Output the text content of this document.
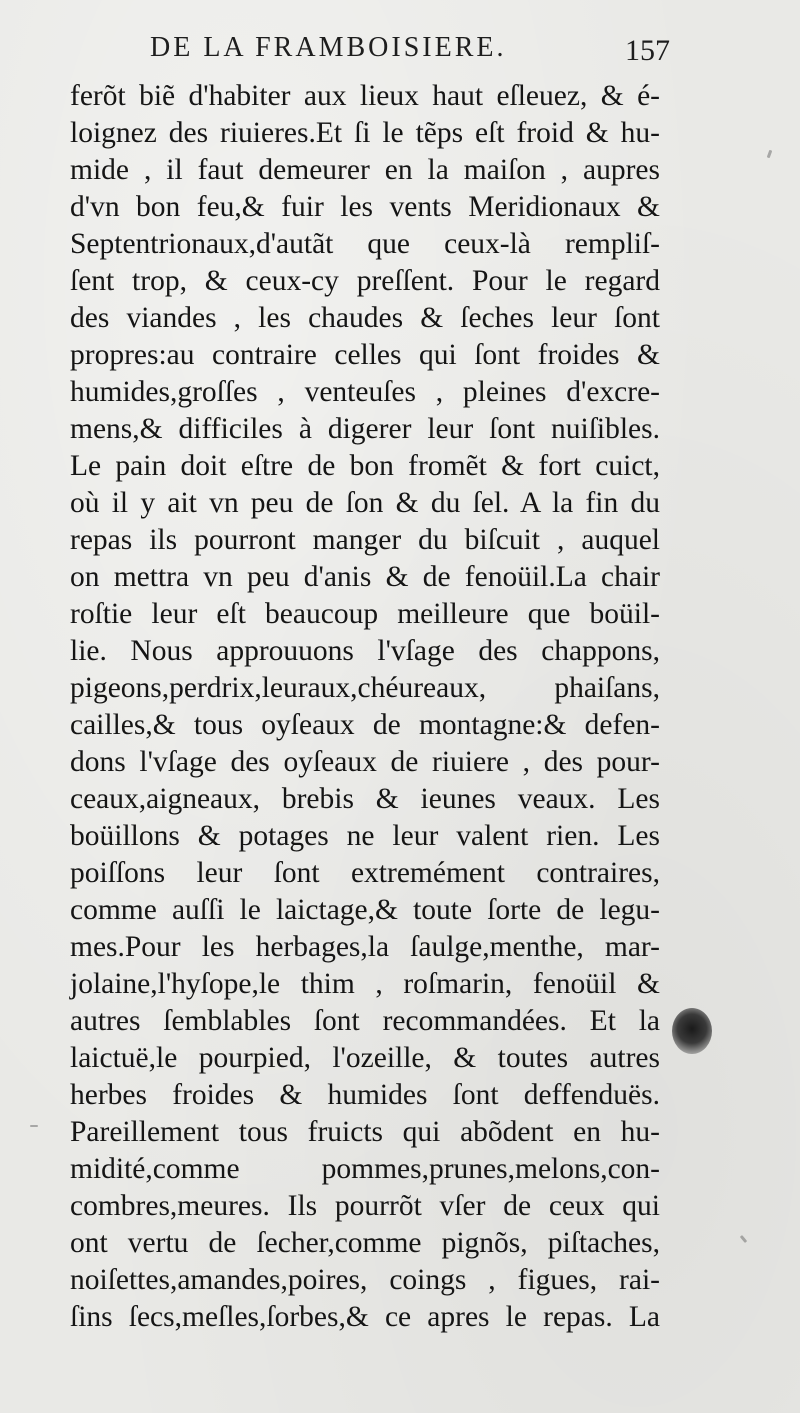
DE LA FRAMBOISIERE.	157
ferõt biẽ d'habiter aux lieux haut eſleuez, & é-
loignez des riuieres.Et ſi le tẽps eſt froid & hu-
mide , il faut demeurer en la maiſon , aupres
d'vn bon feu,& fuir les vents Meridionaux &
Septentrionaux,d'autãt que ceux-là rempliſ-
ſent trop, & ceux-cy preſſent. Pour le regard
des viandes , les chaudes & ſeches leur ſont
propres:au contraire celles qui ſont froides &
humides,groſſes , venteuſes , pleines d'excre-
mens,& difficiles à digerer leur ſont nuiſibles.
Le pain doit eſtre de bon fromẽt & fort cuict,
où il y ait vn peu de ſon & du ſel. A la fin du
repas ils pourront manger du biſcuit , auquel
on mettra vn peu d'anis & de fenoüil.La chair
roſtie leur eſt beaucoup meilleure que boüil-
lie. Nous approuuons l'vſage des chappons,
pigeons,perdrix,leuraux,chéureaux, phaiſans,
cailles,& tous oyſeaux de montagne:& defen-
dons l'vſage des oyſeaux de riuiere , des pour-
ceaux,aigneaux, brebis & ieunes veaux. Les
boüillons & potages ne leur valent rien. Les
poiſſons leur ſont extremément contraires,
comme auſſi le laictage,& toute ſorte de legu-
mes.Pour les herbages,la ſaulge,menthe, mar-
jolaine,l'hyſope,le thim , roſmarin, fenoüil &
autres ſemblables ſont recommandées. Et la
laictuë,le pourpied, l'ozeille, & toutes autres
herbes froides & humides ſont deffenduës.
Pareillement tous fruicts qui abõdent en hu-
midité,comme pommes,prunes,melons,con-
combres,meures. Ils pourrõt vſer de ceux qui
ont vertu de ſecher,comme pignõs, piſtaches,
noiſettes,amandes,poires, coings , figues, rai-
ſins ſecs,meſles,ſorbes,& ce apres le repas. La
